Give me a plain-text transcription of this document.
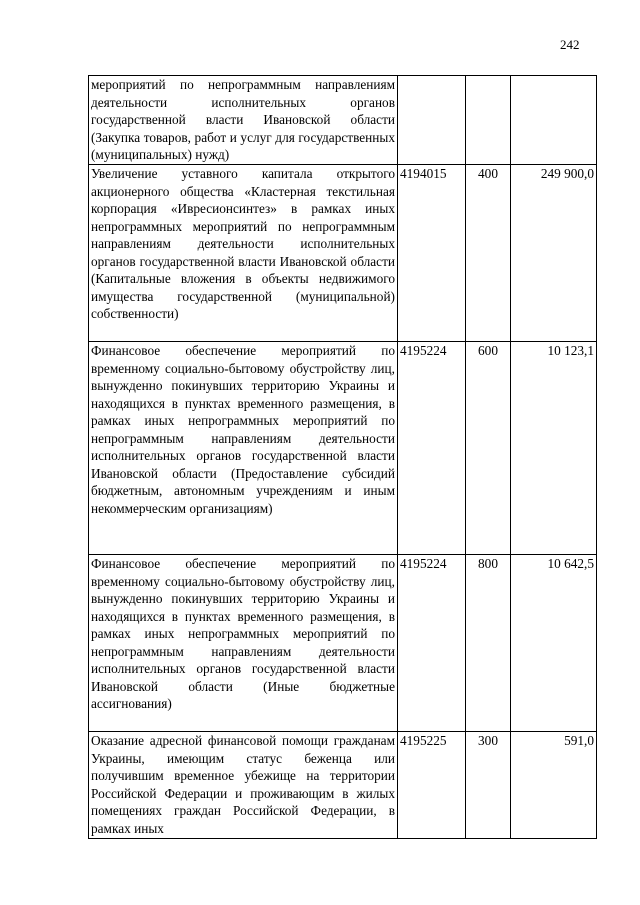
242
мероприятий по непрограммным направлениям деятельности исполнительных органов государственной власти Ивановской области (Закупка товаров, работ и услуг для государственных (муниципальных) нужд)			
Увеличение уставного капитала открытого акционерного общества «Кластерная текстильная корпорация «Ивресионсинтез» в рамках иных непрограммных мероприятий по непрограммным направлениям деятельности исполнительных органов государственной власти Ивановской области (Капитальные вложения в объекты недвижимого имущества государственной (муниципальной) собственности)	4194015	400	249 900,0
Финансовое обеспечение мероприятий по временному социально-бытовому обустройству лиц, вынужденно покинувших территорию Украины и находящихся в пунктах временного размещения, в рамках иных непрограммных мероприятий по непрограммным направлениям деятельности исполнительных органов государственной власти Ивановской области (Предоставление субсидий бюджетным, автономным учреждениям и иным некоммерческим организациям)	4195224	600	10 123,1
Финансовое обеспечение мероприятий по временному социально-бытовому обустройству лиц, вынужденно покинувших территорию Украины и находящихся в пунктах временного размещения, в рамках иных непрограммных мероприятий по непрограммным направлениям деятельности исполнительных органов государственной власти Ивановской области (Иные бюджетные ассигнования)	4195224	800	10 642,5
Оказание адресной финансовой помощи гражданам Украины, имеющим статус беженца или получившим временное убежище на территории Российской Федерации и проживающим в жилых помещениях граждан Российской Федерации, в рамках иных	4195225	300	591,0
